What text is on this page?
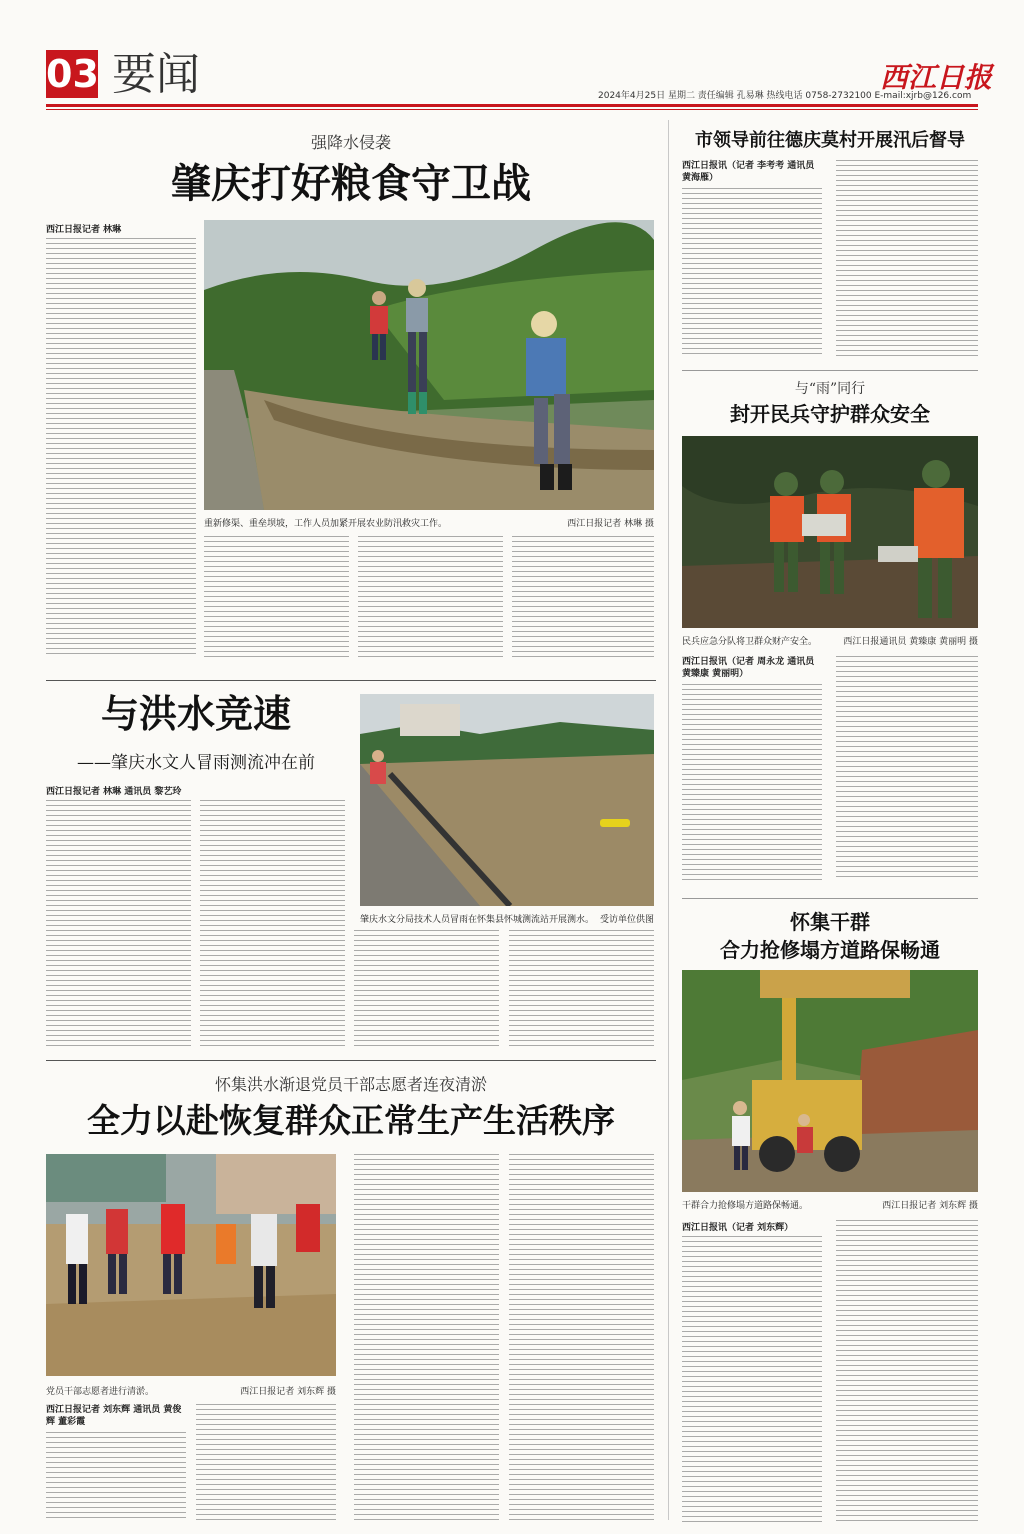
03 要闻	西江日报
2024年4月25日 星期二 责任编辑 孔易琳 热线电话 0758-2732100 E-mail:xjrb@126.com
强降水侵袭
肇庆打好粮食守卫战
西江日报记者 林琳
重新修渠、重垒坝坡，工作人员加紧开展农业防汛救灾工作。	西江日报记者 林琳 摄
与洪水竞速
——肇庆水文人冒雨测流冲在前
西江日报记者 林琳 通讯员 黎艺玲
肇庆水文分局技术人员冒雨在怀集县怀城测流站开展测水。 受访单位供图
怀集洪水渐退党员干部志愿者连夜清淤
全力以赴恢复群众正常生产生活秩序
党员干部志愿者进行清淤。	西江日报记者 刘东辉 摄
西江日报记者 刘东辉 通讯员 黄俊辉 董彩霞
市领导前往德庆莫村开展汛后督导
西江日报讯（记者 李考考 通讯员 黄海雁）
与“雨”同行
封开民兵守护群众安全
民兵应急分队将卫群众财产安全。	西江日报通讯员 黄臻康 黄丽明 摄
西江日报讯（记者 周永龙 通讯员 黄臻康 黄丽明）
怀集干群
合力抢修塌方道路保畅通
干群合力抢修塌方道路保畅通。	西江日报记者 刘东辉 摄
西江日报讯（记者 刘东辉）
